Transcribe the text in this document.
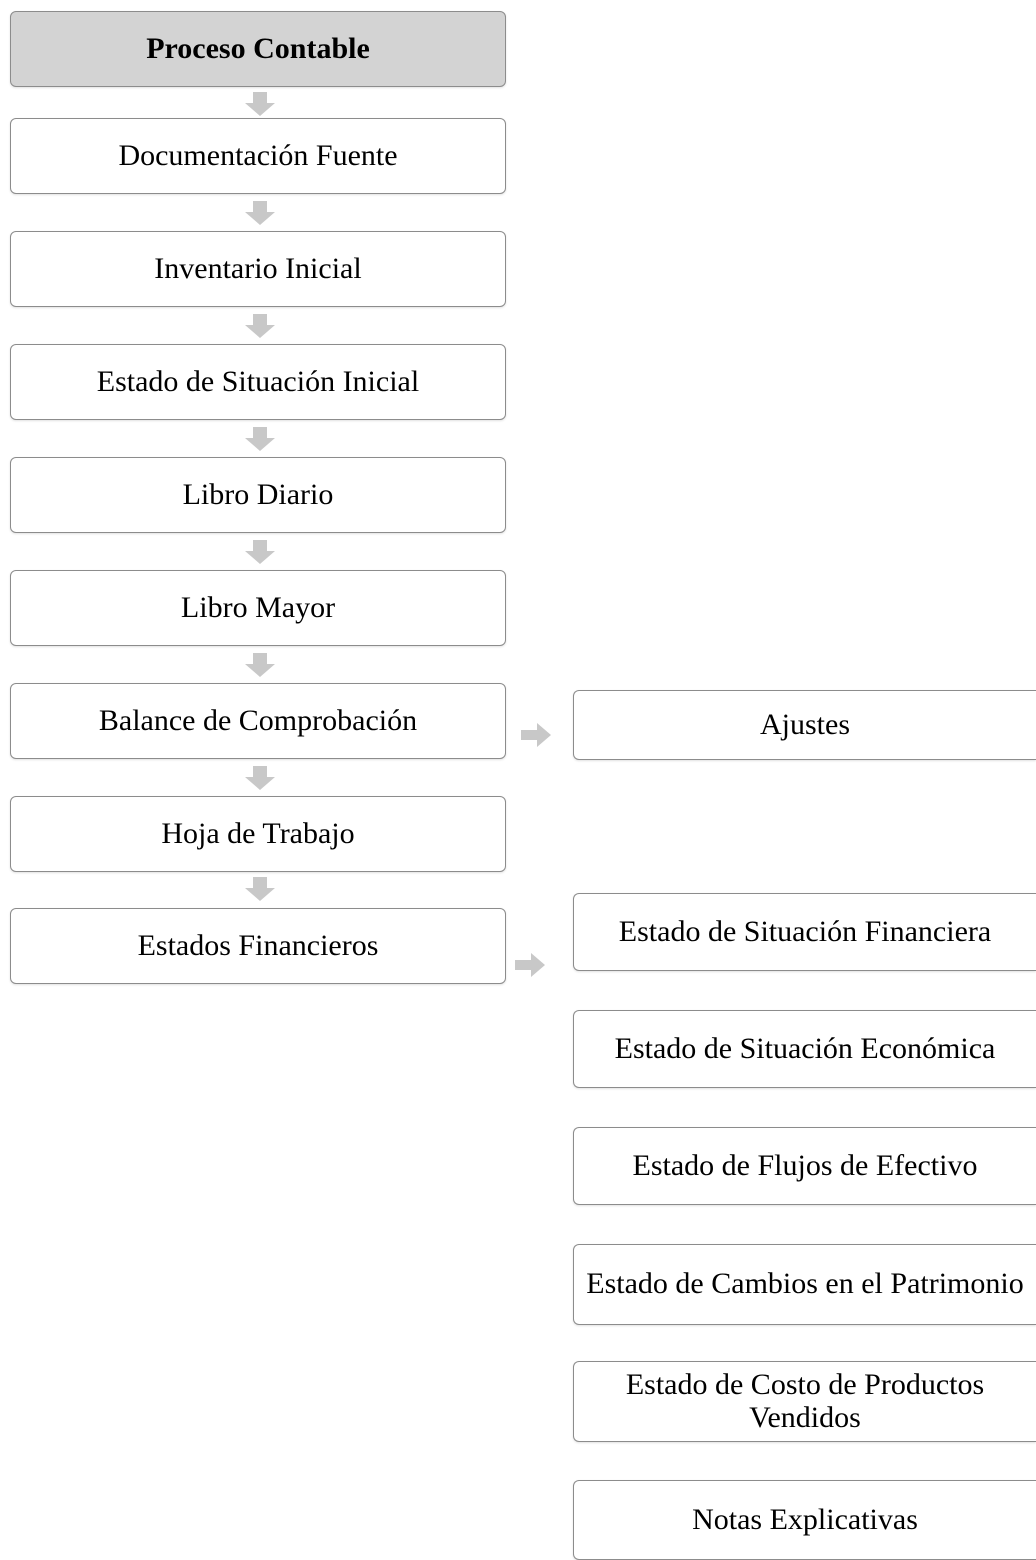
Proceso Contable
Documentación Fuente
Inventario Inicial
Estado de Situación Inicial
Libro Diario
Libro Mayor
Balance de Comprobación	Ajustes
Hoja de Trabajo
Estados Financieros	Estado de Situación Financiera
Estado de Situación Económica
Estado de Flujos de Efectivo
Estado de Cambios en el Patrimonio
Estado de Costo de Productos Vendidos
Notas Explicativas
